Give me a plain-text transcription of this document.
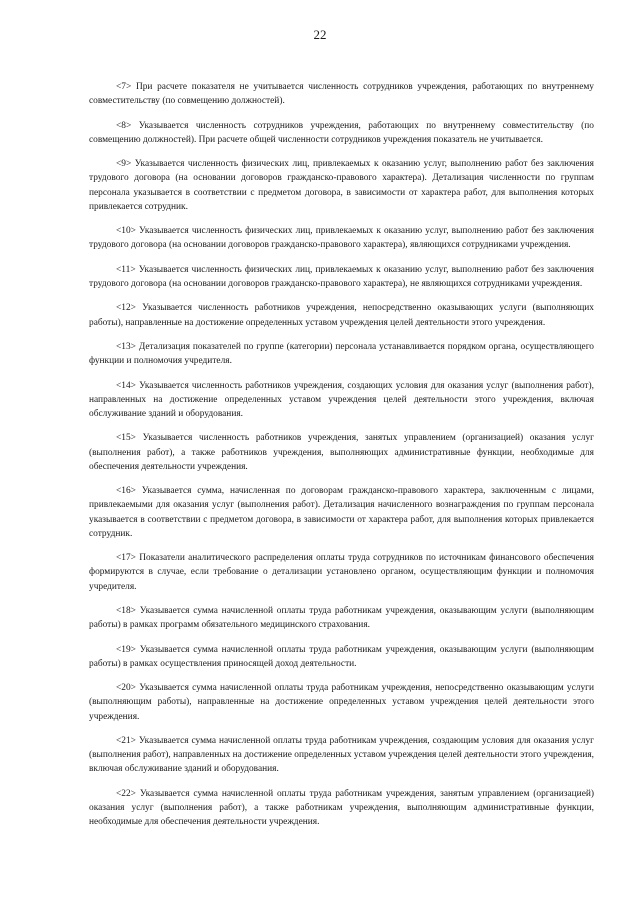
22

<7> При расчете показателя не учитывается численность сотрудников учреждения, работающих по внутреннему совместительству (по совмещению должностей).

<8> Указывается численность сотрудников учреждения, работающих по внутреннему совместительству (по совмещению должностей). При расчете общей численности сотрудников учреждения показатель не учитывается.

<9> Указывается численность физических лиц, привлекаемых к оказанию услуг, выполнению работ без заключения трудового договора (на основании договоров гражданско-правового характера). Детализация численности по группам персонала указывается в соответствии с предметом договора, в зависимости от характера работ, для выполнения которых привлекается сотрудник.

<10> Указывается численность физических лиц, привлекаемых к оказанию услуг, выполнению работ без заключения трудового договора (на основании договоров гражданско-правового характера), являющихся сотрудниками учреждения.

<11> Указывается численность физических лиц, привлекаемых к оказанию услуг, выполнению работ без заключения трудового договора (на основании договоров гражданско-правового характера), не являющихся сотрудниками учреждения.

<12> Указывается численность работников учреждения, непосредственно оказывающих услуги (выполняющих работы), направленные на достижение определенных уставом учреждения целей деятельности этого учреждения.

<13> Детализация показателей по группе (категории) персонала устанавливается порядком органа, осуществляющего функции и полномочия учредителя.

<14> Указывается численность работников учреждения, создающих условия для оказания услуг (выполнения работ), направленных на достижение определенных уставом учреждения целей деятельности этого учреждения, включая обслуживание зданий и оборудования.

<15> Указывается численность работников учреждения, занятых управлением (организацией) оказания услуг (выполнения работ), а также работников учреждения, выполняющих административные функции, необходимые для обеспечения деятельности учреждения.

<16> Указывается сумма, начисленная по договорам гражданско-правового характера, заключенным с лицами, привлекаемыми для оказания услуг (выполнения работ). Детализация начисленного вознаграждения по группам персонала указывается в соответствии с предметом договора, в зависимости от характера работ, для выполнения которых привлекается сотрудник.

<17> Показатели аналитического распределения оплаты труда сотрудников по источникам финансового обеспечения формируются в случае, если требование о детализации установлено органом, осуществляющим функции и полномочия учредителя.

<18> Указывается сумма начисленной оплаты труда работникам учреждения, оказывающим услуги (выполняющим работы) в рамках программ обязательного медицинского страхования.

<19> Указывается сумма начисленной оплаты труда работникам учреждения, оказывающим услуги (выполняющим работы) в рамках осуществления приносящей доход деятельности.

<20> Указывается сумма начисленной оплаты труда работникам учреждения, непосредственно оказывающим услуги (выполняющим работы), направленные на достижение определенных уставом учреждения целей деятельности этого учреждения.

<21> Указывается сумма начисленной оплаты труда работникам учреждения, создающим условия для оказания услуг (выполнения работ), направленных на достижение определенных уставом учреждения целей деятельности этого учреждения, включая обслуживание зданий и оборудования.

<22> Указывается сумма начисленной оплаты труда работникам учреждения, занятым управлением (организацией) оказания услуг (выполнения работ), а также работникам учреждения, выполняющим административные функции, необходимые для обеспечения деятельности учреждения.
